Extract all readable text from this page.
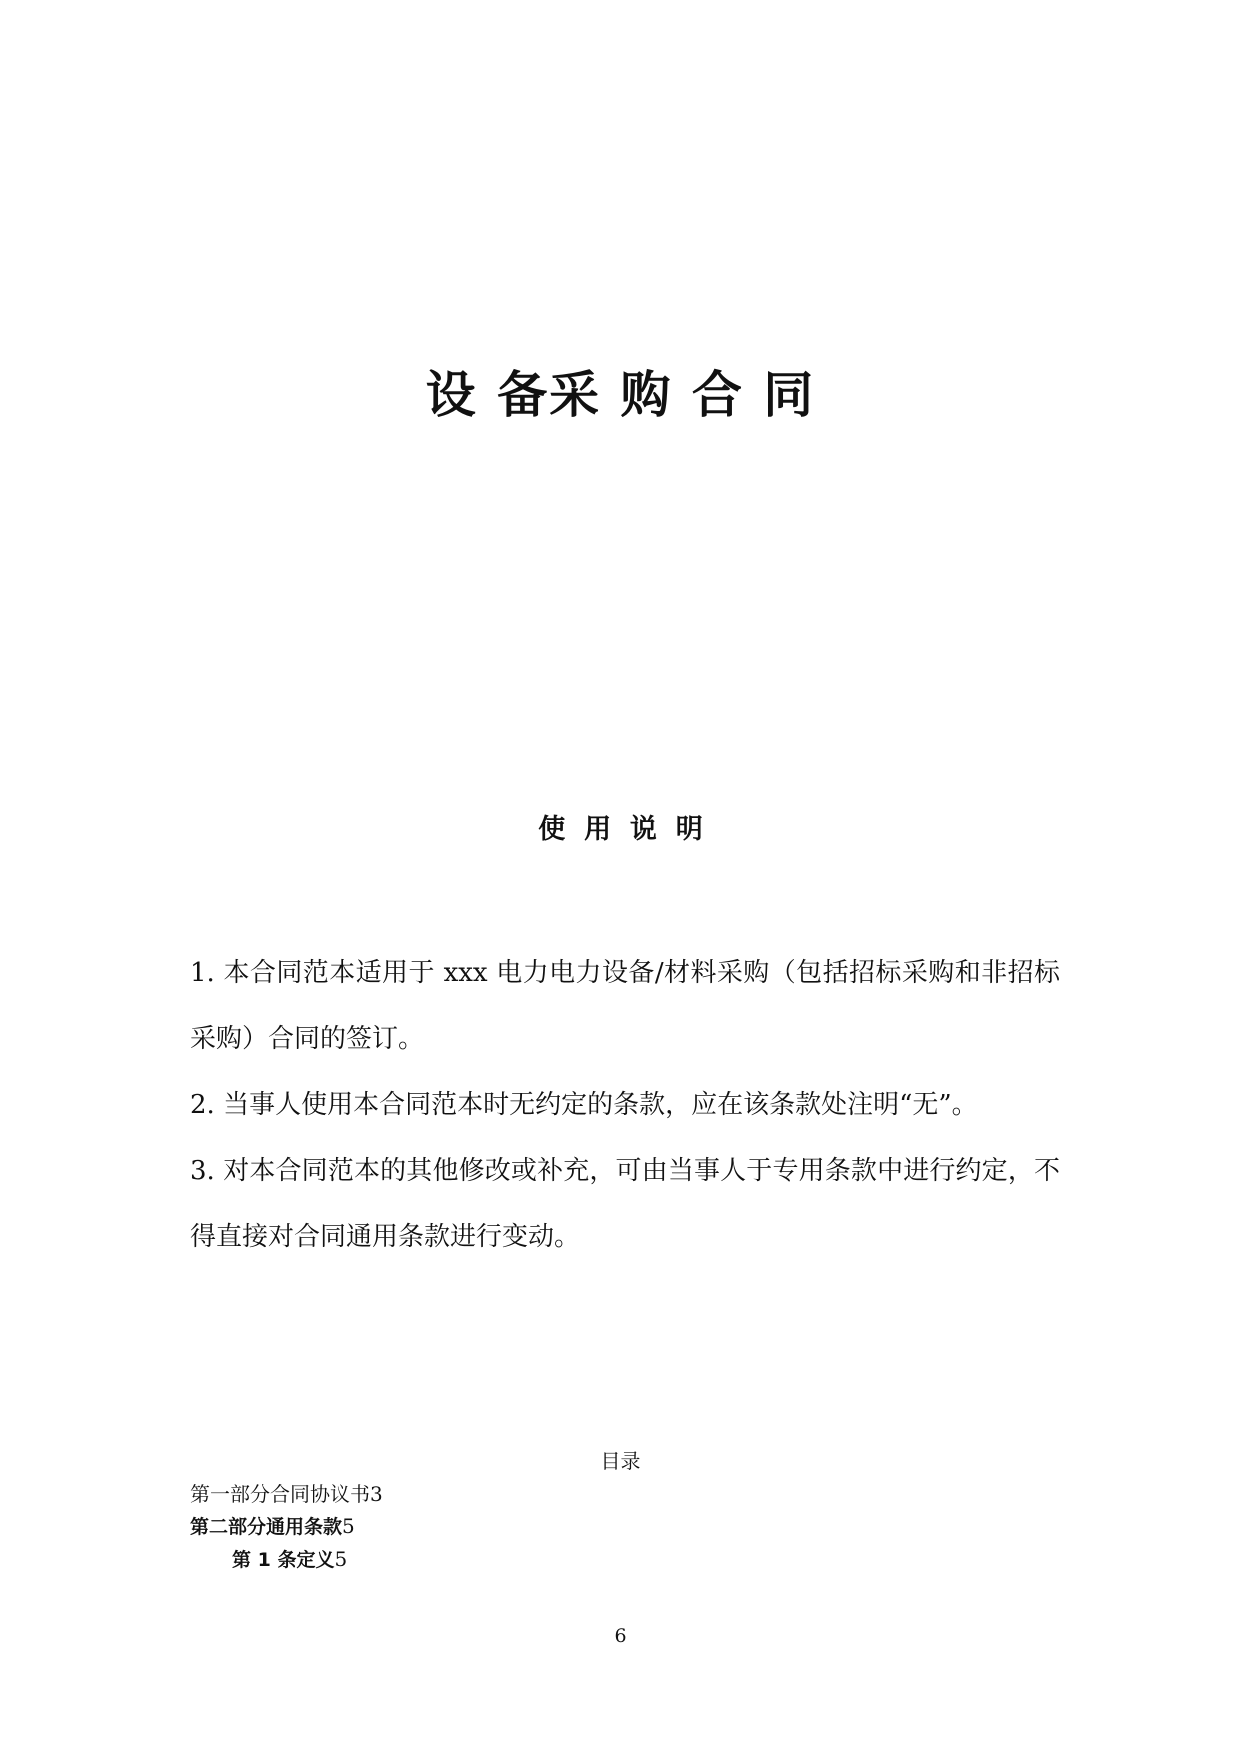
设 备采 购 合 同
使  用  说  明

1. 本合同范本适用于 xxx 电力电力设备/材料采购（包括招标采购和非招标采购）合同的签订。

2. 当事人使用本合同范本时无约定的条款，应在该条款处注明“无”。

3. 对本合同范本的其他修改或补充，可由当事人于专用条款中进行约定，不得直接对合同通用条款进行变动。

目录
第一部分合同协议书3
第二部分通用条款5
第 1 条定义5
6
